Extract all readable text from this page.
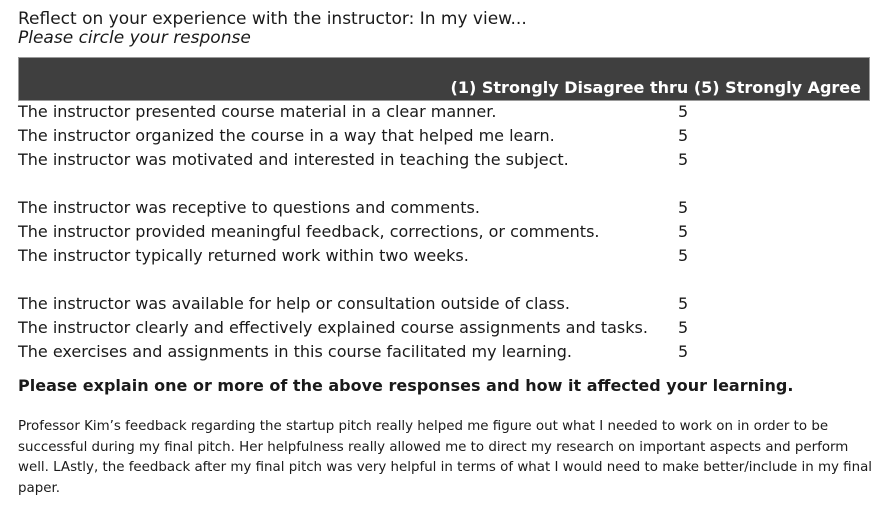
Reflect on your experience with the instructor: In my view...
Please circle your response
(1) Strongly Disagree thru (5) Strongly Agree
The instructor presented course material in a clear manner.	5
The instructor organized the course in a way that helped me learn.	5
The instructor was motivated and interested in teaching the subject.	5
The instructor was receptive to questions and comments.	5
The instructor provided meaningful feedback, corrections, or comments.	5
The instructor typically returned work within two weeks.	5
The instructor was available for help or consultation outside of class.	5
The instructor clearly and effectively explained course assignments and tasks. 5
The exercises and assignments in this course facilitated my learning.	5
Please explain one or more of the above responses and how it affected your learning.
Professor Kim’s feedback regarding the startup pitch really helped me figure out what I needed to work on in order to be successful during my final pitch. Her helpfulness really allowed me to direct my research on important aspects and perform well. LAstly, the feedback after my final pitch was very helpful in terms of what I would need to make better/include in my final paper.
